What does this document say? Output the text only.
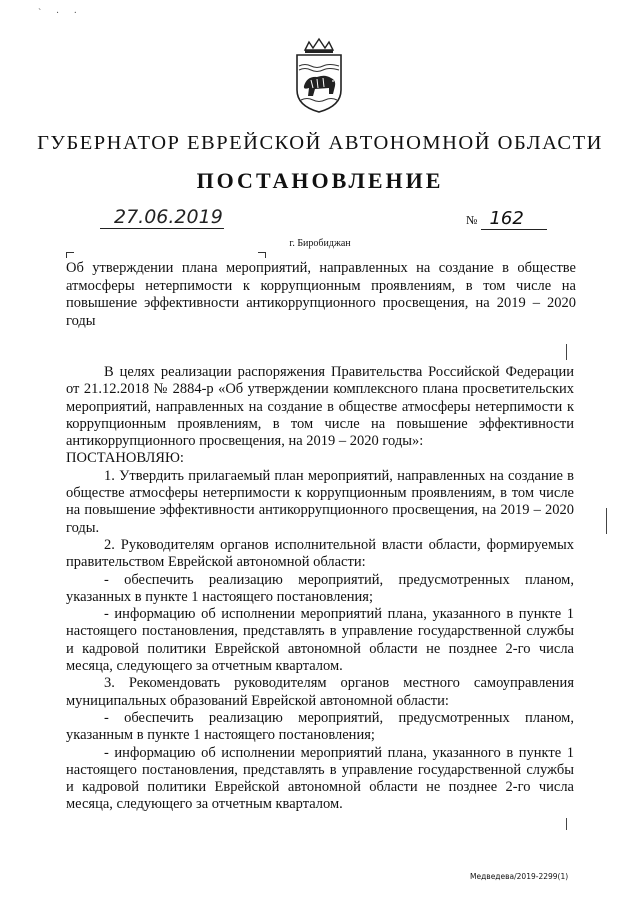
` · ·
ГУБЕРНАТОР ЕВРЕЙСКОЙ АВТОНОМНОЙ ОБЛАСТИ
ПОСТАНОВЛЕНИЕ
27.06.2019	№ 162
г. Биробиджан
Об утверждении плана мероприятий, направленных на создание в обществе атмосферы нетерпимости к коррупционным проявлениям, в том числе на повышение эффективности антикоррупционного просвещения, на 2019 – 2020 годы

В целях реализации распоряжения Правительства Российской Федерации от 21.12.2018 № 2884-р «Об утверждении комплексного плана просветительских мероприятий, направленных на создание в обществе атмосферы нетерпимости к коррупционным проявлениям, в том числе на повышение эффективности антикоррупционного просвещения, на 2019 – 2020 годы»:

ПОСТАНОВЛЯЮ:

1. Утвердить прилагаемый план мероприятий, направленных на создание в обществе атмосферы нетерпимости к коррупционным проявлениям, в том числе на повышение эффективности антикоррупционного просвещения, на 2019 – 2020 годы.

2. Руководителям органов исполнительной власти области, формируемых правительством Еврейской автономной области:

- обеспечить реализацию мероприятий, предусмотренных планом, указанных в пункте 1 настоящего постановления;

- информацию об исполнении мероприятий плана, указанного в пункте 1 настоящего постановления, представлять в управление государственной службы и кадровой политики Еврейской автономной области не позднее 2-го числа месяца, следующего за отчетным кварталом.

3. Рекомендовать руководителям органов местного самоуправления муниципальных образований Еврейской автономной области:

- обеспечить реализацию мероприятий, предусмотренных планом, указанным в пункте 1 настоящего постановления;

- информацию об исполнении мероприятий плана, указанного в пункте 1 настоящего постановления, представлять в управление государственной службы и кадровой политики Еврейской автономной области не позднее 2-го числа месяца, следующего за отчетным кварталом.

Медведева/2019-2299(1)
